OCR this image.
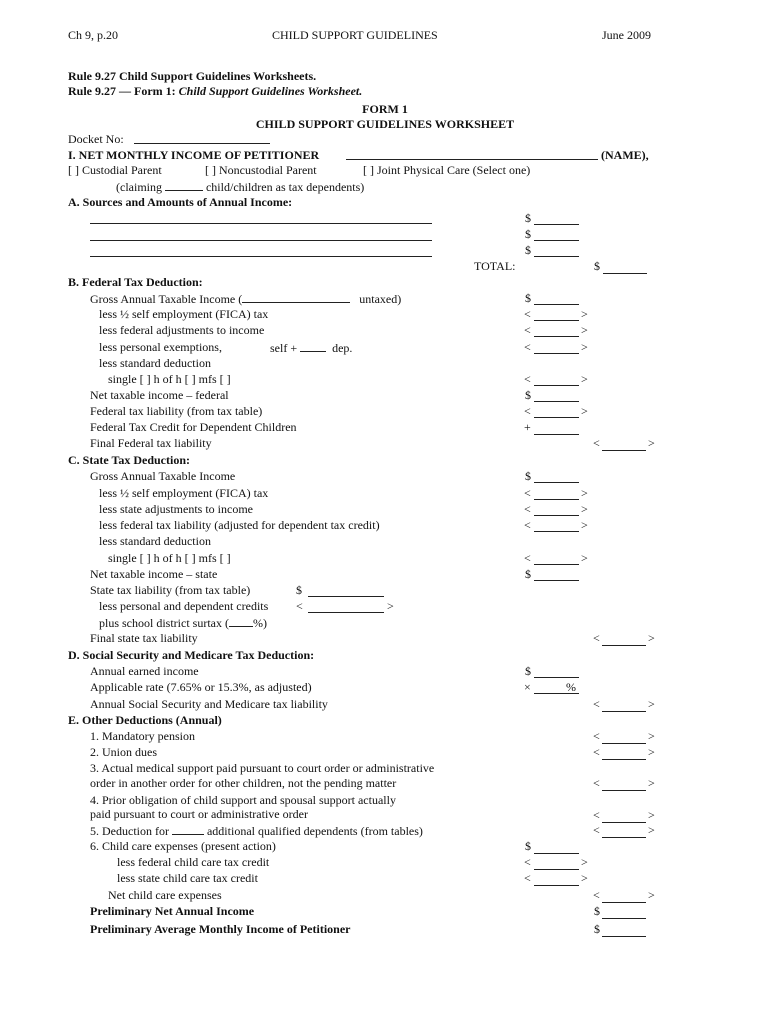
Ch 9, p.20	CHILD SUPPORT GUIDELINES	June 2009
Rule 9.27 Child Support Guidelines Worksheets.
Rule 9.27 — Form 1: Child Support Guidelines Worksheet.
FORM 1
CHILD SUPPORT GUIDELINES WORKSHEET
Docket No:
I. NET MONTHLY INCOME OF PETITIONER	(NAME),
[ ] Custodial Parent	[ ] Noncustodial Parent	[ ] Joint Physical Care (Select one)
(claiming	child/children as tax dependents)
A. Sources and Amounts of Annual Income:
$
$
$
TOTAL:	$
B. Federal Tax Deduction:
Gross Annual Taxable Income (	untaxed)	$
less ½ self employment (FICA) tax	<	>
less federal adjustments to income	<	>
less personal exemptions,	self +	dep.	<	>
less standard deduction
single [ ] h of h [ ] mfs [ ]	<	>
Net taxable income – federal	$
Federal tax liability (from tax table)	<	>
Federal Tax Credit for Dependent Children	+
Final Federal tax liability	<	>
C. State Tax Deduction:
Gross Annual Taxable Income	$
less ½ self employment (FICA) tax	<	>
less state adjustments to income	<	>
less federal tax liability (adjusted for dependent tax credit)	<	>
less standard deduction
single [ ] h of h [ ] mfs [ ]	<	>
Net taxable income – state	$
State tax liability (from tax table)	$
less personal and dependent credits <	>
plus school district surtax ( %)
Final state tax liability	<	>
D. Social Security and Medicare Tax Deduction:
Annual earned income	$
Applicable rate (7.65% or 15.3%, as adjusted)	×	%
Annual Social Security and Medicare tax liability	<	>
E. Other Deductions (Annual)
1. Mandatory pension	<	>
2. Union dues	<	>
3. Actual medical support paid pursuant to court order or administrative
order in another order for other children, not the pending matter	<	>
4. Prior obligation of child support and spousal support actually
paid pursuant to court or administrative order	<	>
5. Deduction for	additional qualified dependents (from tables)	<	>
6. Child care expenses (present action)	$
less federal child care tax credit	<	>
less state child care tax credit	<	>
Net child care expenses	<	>
Preliminary Net Annual Income	$
Preliminary Average Monthly Income of Petitioner	$
